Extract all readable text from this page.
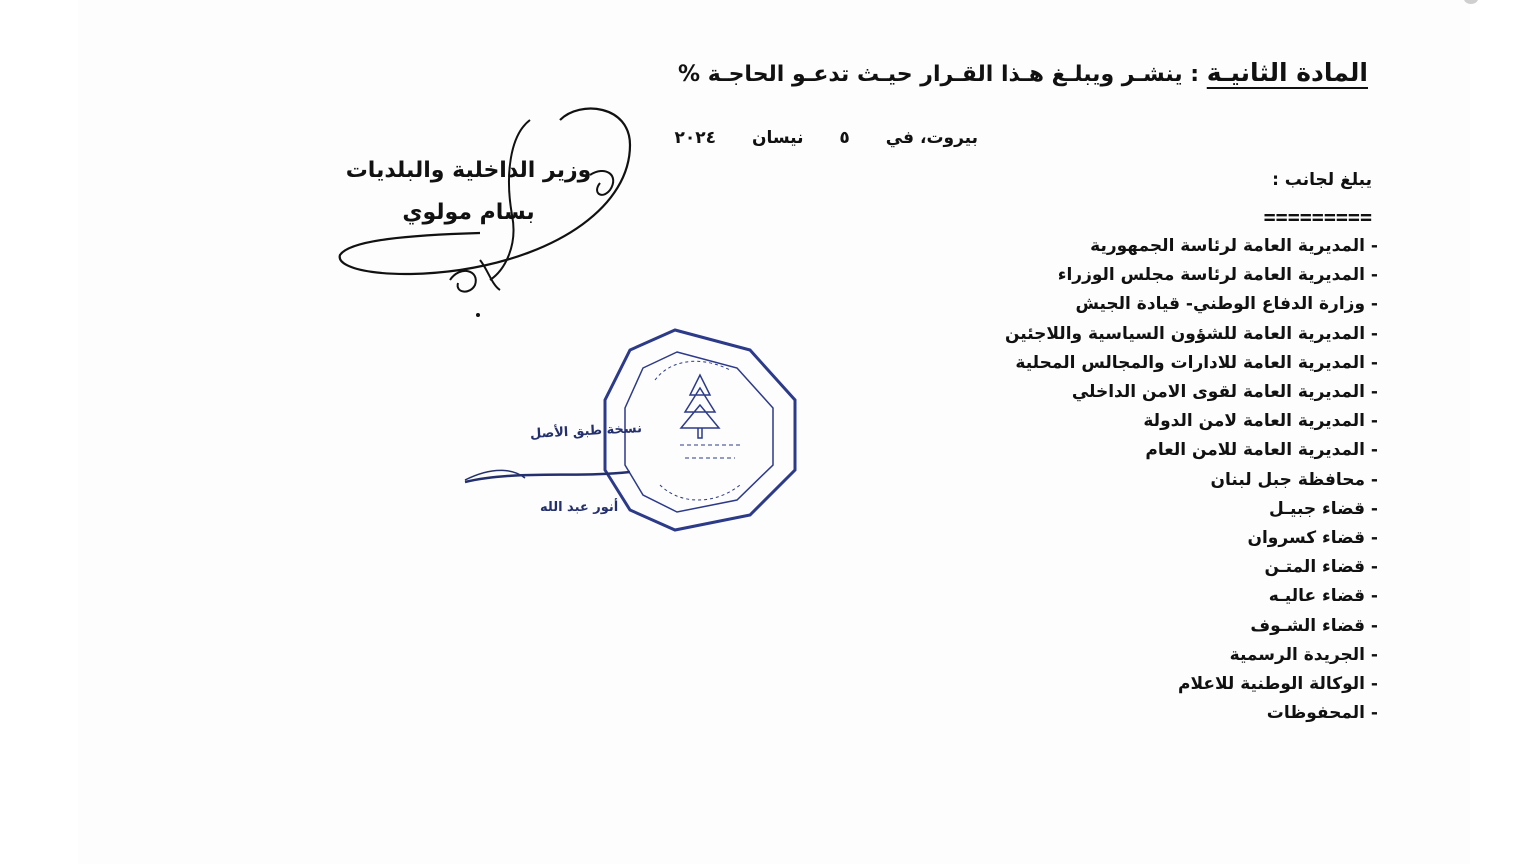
المادة الثانيـة : ينشـر ويبلـغ هـذا القـرار حيـث تدعـو الحاجـة %
بيروت، في ٥ نيسان ٢٠٢٤
يبلغ لجانب :
=========
- المديرية العامة لرئاسة الجمهورية
- المديرية العامة لرئاسة مجلس الوزراء
- وزارة الدفاع الوطني- قيادة الجيش
- المديرية العامة للشؤون السياسية واللاجئين
- المديرية العامة للادارات والمجالس المحلية
- المديرية العامة لقوى الامن الداخلي
- المديرية العامة لامن الدولة
- المديرية العامة للامن العام
- محافظة جبل لبنان
- قضاء جبيـل
- قضاء كسروان
- قضاء المتـن
- قضاء عاليـه
- قضاء الشـوف
- الجريدة الرسمية
- الوكالة الوطنية للاعلام
- المحفوظات
وزير الداخلية والبلديات
بسام مولوي
نسخة طبق الأصل
أنور عبد الله
